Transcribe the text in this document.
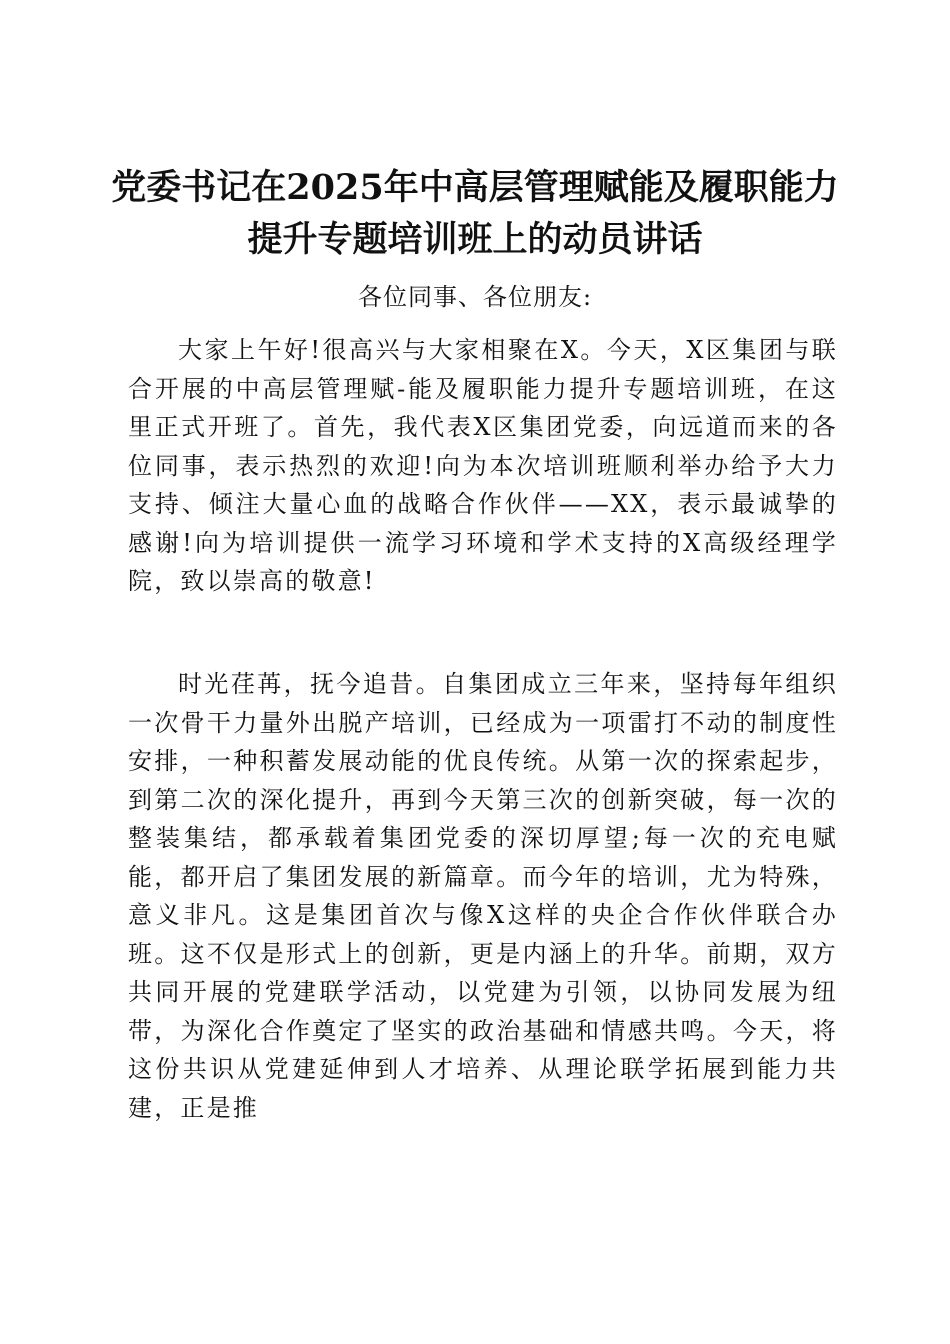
党委书记在2025年中高层管理赋能及履职能力提升专题培训班上的动员讲话
各位同事、各位朋友:

大家上午好!很高兴与大家相聚在X。今天，X区集团与联合开展的中高层管理赋-能及履职能力提升专题培训班，在这里正式开班了。首先，我代表X区集团党委，向远道而来的各位同事，表示热烈的欢迎!向为本次培训班顺利举办给予大力支持、倾注大量心血的战略合作伙伴——XX，表示最诚挚的感谢!向为培训提供一流学习环境和学术支持的X高级经理学院，致以崇高的敬意!

时光荏苒，抚今追昔。自集团成立三年来，坚持每年组织一次骨干力量外出脱产培训，已经成为一项雷打不动的制度性安排，一种积蓄发展动能的优良传统。从第一次的探索起步，到第二次的深化提升，再到今天第三次的创新突破，每一次的整装集结，都承载着集团党委的深切厚望;每一次的充电赋能，都开启了集团发展的新篇章。而今年的培训，尤为特殊，意义非凡。这是集团首次与像X这样的央企合作伙伴联合办班。这不仅是形式上的创新，更是内涵上的升华。前期，双方共同开展的党建联学活动，以党建为引领，以协同发展为纽带，为深化合作奠定了坚实的政治基础和情感共鸣。今天，将这份共识从党建延伸到人才培养、从理论联学拓展到能力共建，正是推
